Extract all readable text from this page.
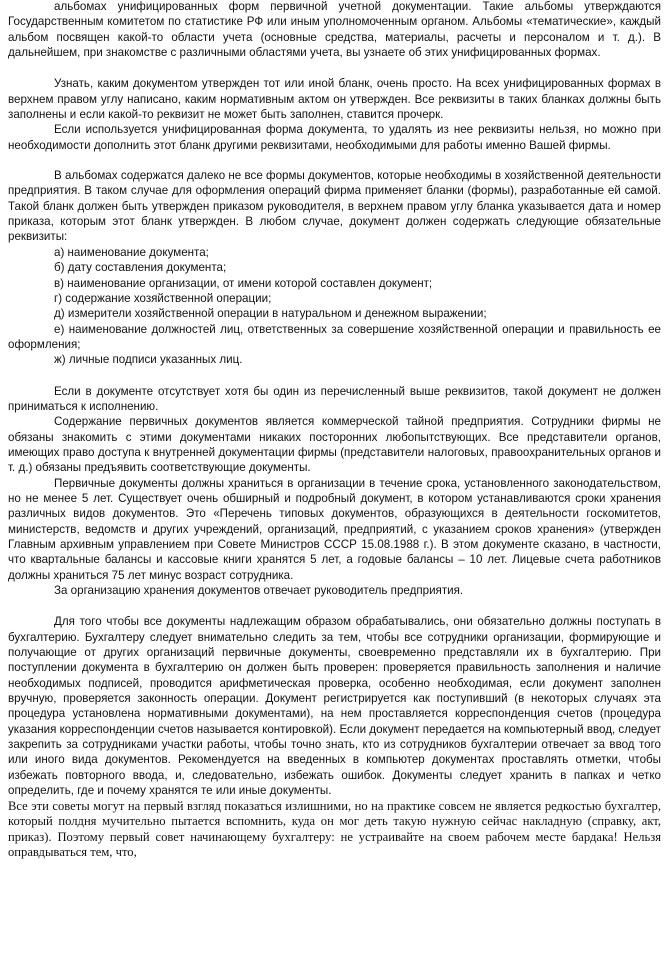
альбомах унифицированных форм первичной учетной документации. Такие альбомы утверждаются Государственным комитетом по статистике РФ или иным уполномоченным органом. Альбомы «тематические», каждый альбом посвящен какой-то области учета (основные средства, материалы, расчеты и персоналом и т. д.). В дальнейшем, при знакомстве с различными областями учета, вы узнаете об этих унифицированных формах.

Узнать, каким документом утвержден тот или иной бланк, очень просто. На всех унифицированных формах в верхнем правом углу написано, каким нормативным актом он утвержден. Все реквизиты в таких бланках должны быть заполнены и если какой-то реквизит не может быть заполнен, ставится прочерк.

Если используется унифицированная форма документа, то удалять из нее реквизиты нельзя, но можно при необходимости дополнить этот бланк другими реквизитами, необходимыми для работы именно Вашей фирмы.

В альбомах содержатся далеко не все формы документов, которые необходимы в хозяйственной деятельности предприятия. В таком случае для оформления операций фирма применяет бланки (формы), разработанные ей самой. Такой бланк должен быть утвержден приказом руководителя, в верхнем правом углу бланка указывается дата и номер приказа, которым этот бланк утвержден. В любом случае, документ должен содержать следующие обязательные реквизиты:

а) наименование документа;
б) дату составления документа;
в) наименование организации, от имени которой составлен документ;
г) содержание хозяйственной операции;
д) измерители хозяйственной операции в натуральном и денежном выражении;
е) наименование должностей лиц, ответственных за совершение хозяйственной операции и правильность ее оформления;
ж) личные подписи указанных лиц.

Если в документе отсутствует хотя бы один из перечисленный выше реквизитов, такой документ не должен приниматься к исполнению.

Содержание первичных документов является коммерческой тайной предприятия. Сотрудники фирмы не обязаны знакомить с этими документами никаких посторонних любопытствующих. Все представители органов, имеющих право доступа к внутренней документации фирмы (представители налоговых, правоохранительных органов и т. д.) обязаны предъявить соответствующие документы.

Первичные документы должны храниться в организации в течение срока, установленного законодательством, но не менее 5 лет. Существует очень обширный и подробный документ, в котором устанавливаются сроки хранения различных видов документов. Это «Перечень типовых документов, образующихся в деятельности госкомитетов, министерств, ведомств и других учреждений, организаций, предприятий, с указанием сроков хранения» (утвержден Главным архивным управлением при Совете Министров СССР 15.08.1988 г.). В этом документе сказано, в частности, что квартальные балансы и кассовые книги хранятся 5 лет, а годовые балансы – 10 лет. Лицевые счета работников должны храниться 75 лет минус возраст сотрудника.

За организацию хранения документов отвечает руководитель предприятия.

Для того чтобы все документы надлежащим образом обрабатывались, они обязательно должны поступать в бухгалтерию. Бухгалтеру следует внимательно следить за тем, чтобы все сотрудники организации, формирующие и получающие от других организаций первичные документы, своевременно представляли их в бухгалтерию. При поступлении документа в бухгалтерию он должен быть проверен: проверяется правильность заполнения и наличие необходимых подписей, проводится арифметическая проверка, особенно необходимая, если документ заполнен вручную, проверяется законность операции. Документ регистрируется как поступивший (в некоторых случаях эта процедура установлена нормативными документами), на нем проставляется корреспонденция счетов (процедура указания корреспонденции счетов называется контировкой). Если документ передается на компьютерный ввод, следует закрепить за сотрудниками участки работы, чтобы точно знать, кто из сотрудников бухгалтерии отвечает за ввод того или иного вида документов. Рекомендуется на введенных в компьютер документах проставлять отметки, чтобы избежать повторного ввода, и, следовательно, избежать ошибок. Документы следует хранить в папках и четко определить, где и почему хранятся те или иные документы.

Все эти советы могут на первый взгляд показаться излишними, но на практике совсем не является редкостью бухгалтер, который полдня мучительно пытается вспомнить, куда он мог деть такую нужную сейчас накладную (справку, акт, приказ). Поэтому первый совет начинающему бухгалтеру: не устраивайте на своем рабочем месте бардака! Нельзя оправдываться тем, что,
